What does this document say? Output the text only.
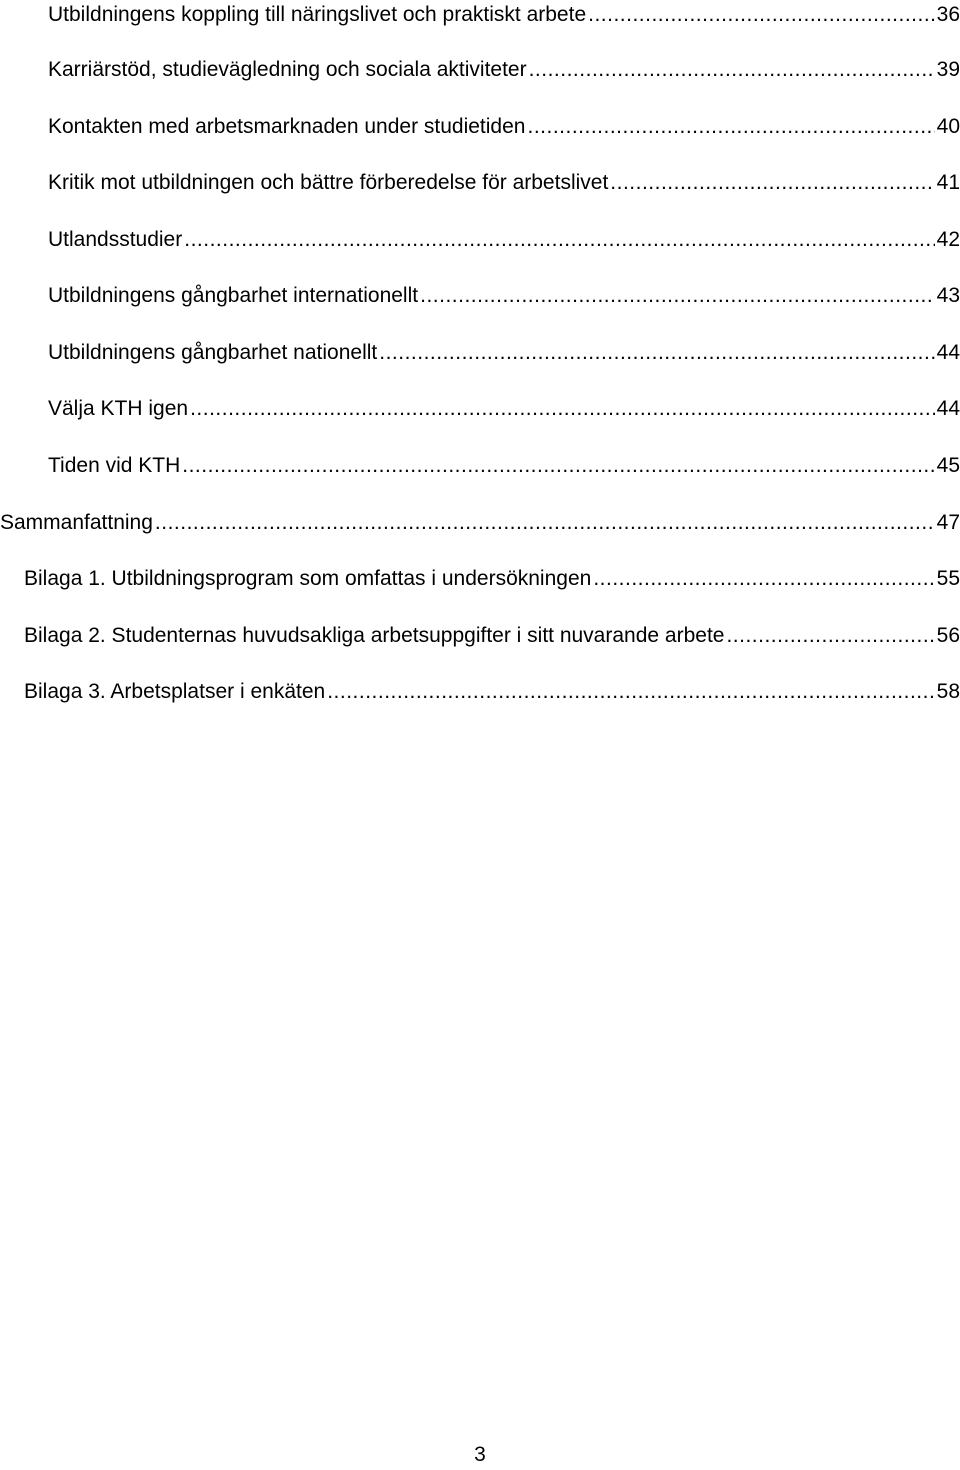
Utbildningens koppling till näringslivet och praktiskt arbete .....	36
Karriärstöd, studievägledning och sociala aktiviteter .....	39
Kontakten med arbetsmarknaden under studietiden .....	40
Kritik mot utbildningen och bättre förberedelse för arbetslivet .....	41
Utlandsstudier .....	42
Utbildningens gångbarhet internationellt .....	43
Utbildningens gångbarhet nationellt .....	44
Välja KTH igen .....	44
Tiden vid KTH .....	45
Sammanfattning .....	47
Bilaga 1. Utbildningsprogram som omfattas i undersökningen .....	55
Bilaga 2. Studenternas huvudsakliga arbetsuppgifter i sitt nuvarande arbete .....	56
Bilaga 3. Arbetsplatser i enkäten .....	58
3
